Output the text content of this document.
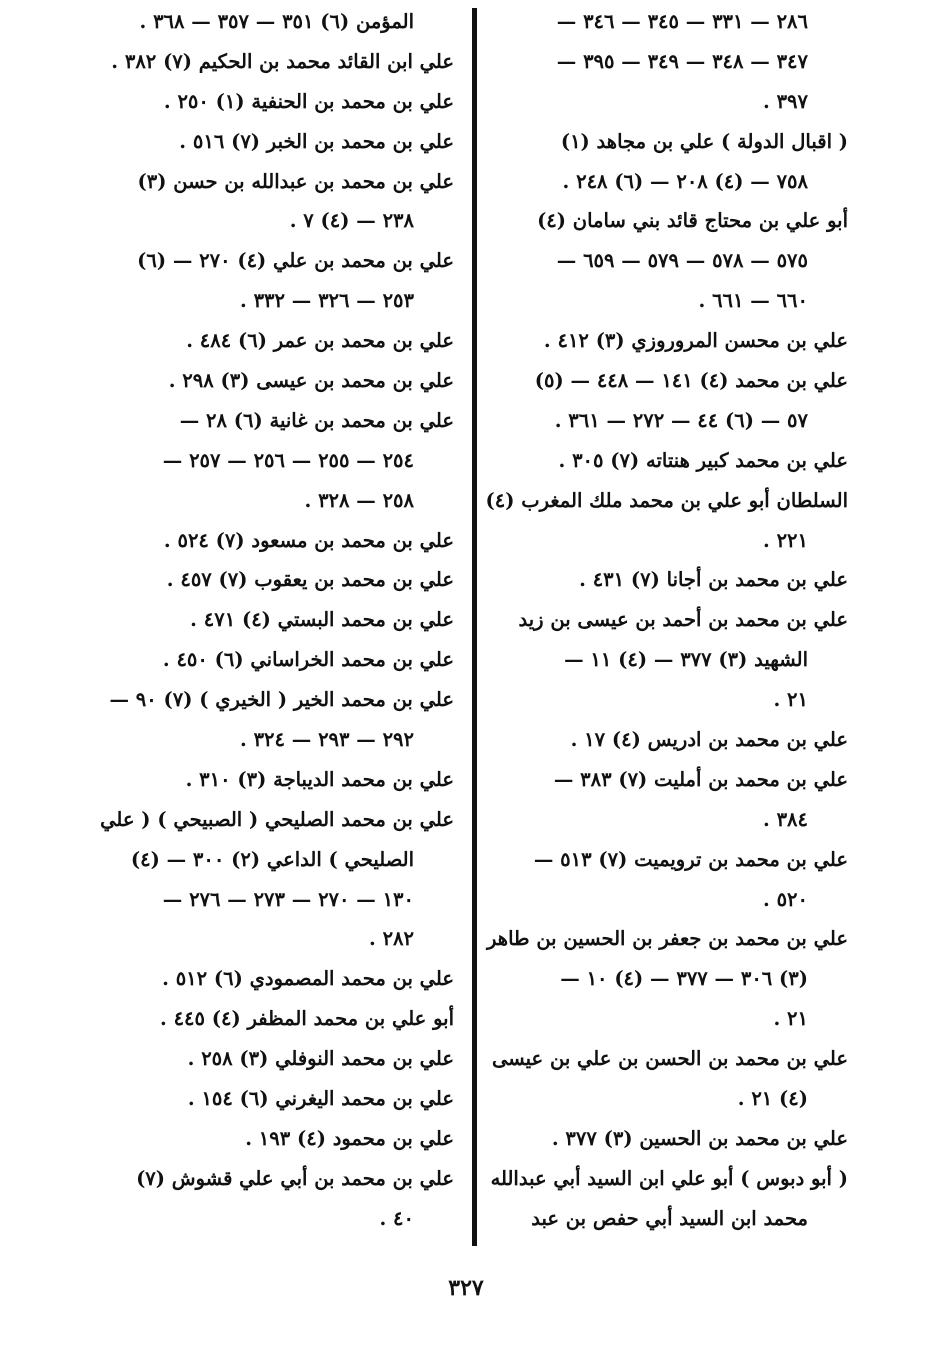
٢٨٦ — ٣٣١ — ٣٤٥ — ٣٤٦ —
٣٤٧ — ٣٤٨ — ٣٤٩ — ٣٩٥ —
٣٩٧ .
( اقبال الدولة ) علي بن مجاهد (١)
٧٥٨ — (٤) ٢٠٨ — (٦) ٢٤٨ .
أبو علي بن محتاج قائد بني سامان (٤)
٥٧٥ — ٥٧٨ — ٥٧٩ — ٦٥٩ —
٦٦٠ — ٦٦١ .
علي بن محسن المروروزي (٣) ٤١٢ .
علي بن محمد (٤) ١٤١ — ٤٤٨ — (٥)
٥٧ — (٦) ٤٤ — ٢٧٢ — ٣٦١ .
علي بن محمد كبير هنتاته (٧) ٣٠٥ .
السلطان أبو علي بن محمد ملك المغرب (٤)
٢٢١ .
علي بن محمد بن أجانا (٧) ٤٣١ .
علي بن محمد بن أحمد بن عيسى بن زيد
الشهيد (٣) ٣٧٧ — (٤) ١١ —
٢١ .
علي بن محمد بن ادريس (٤) ١٧ .
علي بن محمد بن أمليت (٧) ٣٨٣ —
٣٨٤ .
علي بن محمد بن ترويميت (٧) ٥١٣ —
٥٢٠ .
علي بن محمد بن جعفر بن الحسين بن طاهر
(٣) ٣٠٦ — ٣٧٧ — (٤) ١٠ —
٢١ .
علي بن محمد بن الحسن بن علي بن عيسى
(٤) ٢١ .
علي بن محمد بن الحسين (٣) ٣٧٧ .
( أبو دبوس ) أبو علي ابن السيد أبي عبدالله
محمد ابن السيد أبي حفص بن عبد
المؤمن (٦) ٣٥١ — ٣٥٧ — ٣٦٨ .
علي ابن القائد محمد بن الحكيم (٧) ٣٨٢ .
علي بن محمد بن الحنفية (١) ٢٥٠ .
علي بن محمد بن الخبر (٧) ٥١٦ .
علي بن محمد بن عبدالله بن حسن (٣)
٢٣٨ — (٤) ٧ .
علي بن محمد بن علي (٤) ٢٧٠ — (٦)
٢٥٣ — ٣٢٦ — ٣٣٢ .
علي بن محمد بن عمر (٦) ٤٨٤ .
علي بن محمد بن عيسى (٣) ٢٩٨ .
علي بن محمد بن غانية (٦) ٢٨ —
٢٥٤ — ٢٥٥ — ٢٥٦ — ٢٥٧ —
٢٥٨ — ٣٢٨ .
علي بن محمد بن مسعود (٧) ٥٢٤ .
علي بن محمد بن يعقوب (٧) ٤٥٧ .
علي بن محمد البستي (٤) ٤٧١ .
علي بن محمد الخراساني (٦) ٤٥٠ .
علي بن محمد الخير ( الخيري ) (٧) ٩٠ —
٢٩٢ — ٢٩٣ — ٣٢٤ .
علي بن محمد الديباجة (٣) ٣١٠ .
علي بن محمد الصليحي ( الصبيحي ) ( علي
الصليحي ) الداعي (٢) ٣٠٠ — (٤)
١٣٠ — ٢٧٠ — ٢٧٣ — ٢٧٦ —
٢٨٢ .
علي بن محمد المصمودي (٦) ٥١٢ .
أبو علي بن محمد المظفر (٤) ٤٤٥ .
علي بن محمد النوفلي (٣) ٢٥٨ .
علي بن محمد اليغرني (٦) ١٥٤ .
علي بن محمود (٤) ١٩٣ .
علي بن محمد بن أبي علي قشوش (٧)
٤٠ .
٣٢٧
